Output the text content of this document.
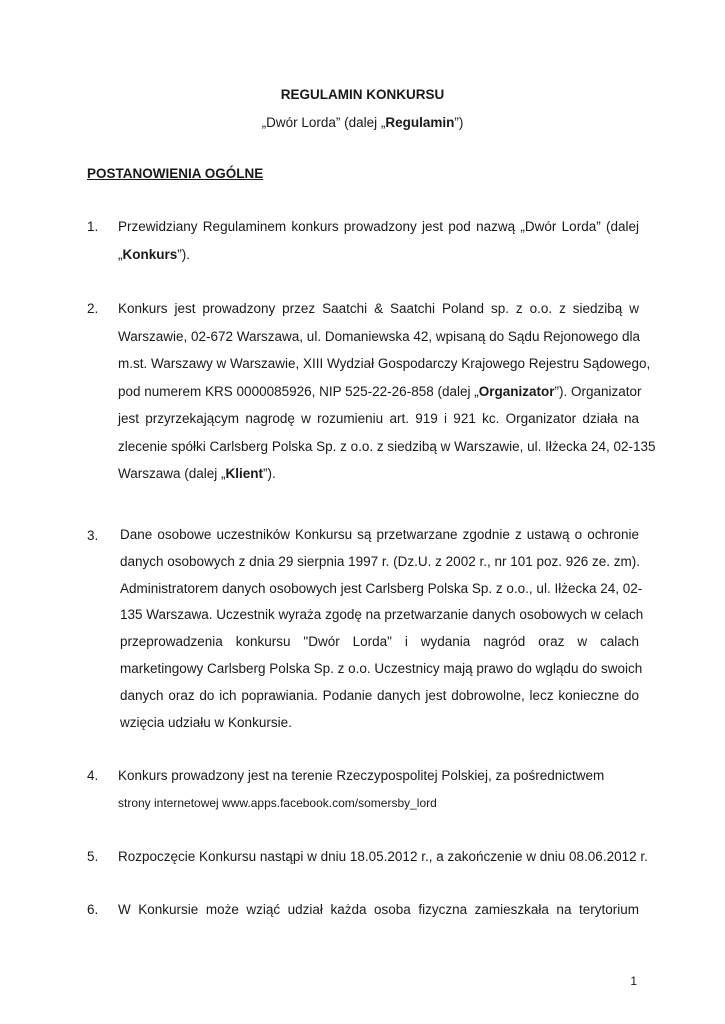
REGULAMIN KONKURSU
„Dwór Lorda” (dalej „Regulamin”)
POSTANOWIENIA OGÓLNE
1. Przewidziany Regulaminem konkurs prowadzony jest pod nazwą „Dwór Lorda” (dalej
„Konkurs”).
2. Konkurs jest prowadzony przez Saatchi & Saatchi Poland sp. z o.o. z siedzibą w
Warszawie, 02-672 Warszawa, ul. Domaniewska 42, wpisaną do Sądu Rejonowego dla
m.st. Warszawy w Warszawie, XIII Wydział Gospodarczy Krajowego Rejestru Sądowego,
pod numerem KRS 0000085926, NIP 525-22-26-858 (dalej „Organizator”). Organizator
jest przyrzekającym nagrodę w rozumieniu art. 919 i 921 kc. Organizator działa na
zlecenie spółki Carlsberg Polska Sp. z o.o. z siedzibą w Warszawie, ul. Iłżecka 24, 02-135
Warszawa (dalej „Klient”).
3. Dane osobowe uczestników Konkursu są przetwarzane zgodnie z ustawą o ochronie
danych osobowych z dnia 29 sierpnia 1997 r. (Dz.U. z 2002 r., nr 101 poz. 926 ze. zm).
Administratorem danych osobowych jest Carlsberg Polska Sp. z o.o., ul. Iłżecka 24, 02-
135 Warszawa. Uczestnik wyraża zgodę na przetwarzanie danych osobowych w celach
przeprowadzenia konkursu "Dwór Lorda" i wydania nagród oraz w calach
marketingowy Carlsberg Polska Sp. z o.o. Uczestnicy mają prawo do wglądu do swoich
danych oraz do ich poprawiania. Podanie danych jest dobrowolne, lecz konieczne do
wzięcia udziału w Konkursie.
4. Konkurs prowadzony jest na terenie Rzeczypospolitej Polskiej, za pośrednictwem
strony internetowej www.apps.facebook.com/somersby_lord
5. Rozpoczęcie Konkursu nastąpi w dniu 18.05.2012 r., a zakończenie w dniu 08.06.2012 r.
6. W Konkursie może wziąć udział każda osoba fizyczna zamieszkała na terytorium
1
